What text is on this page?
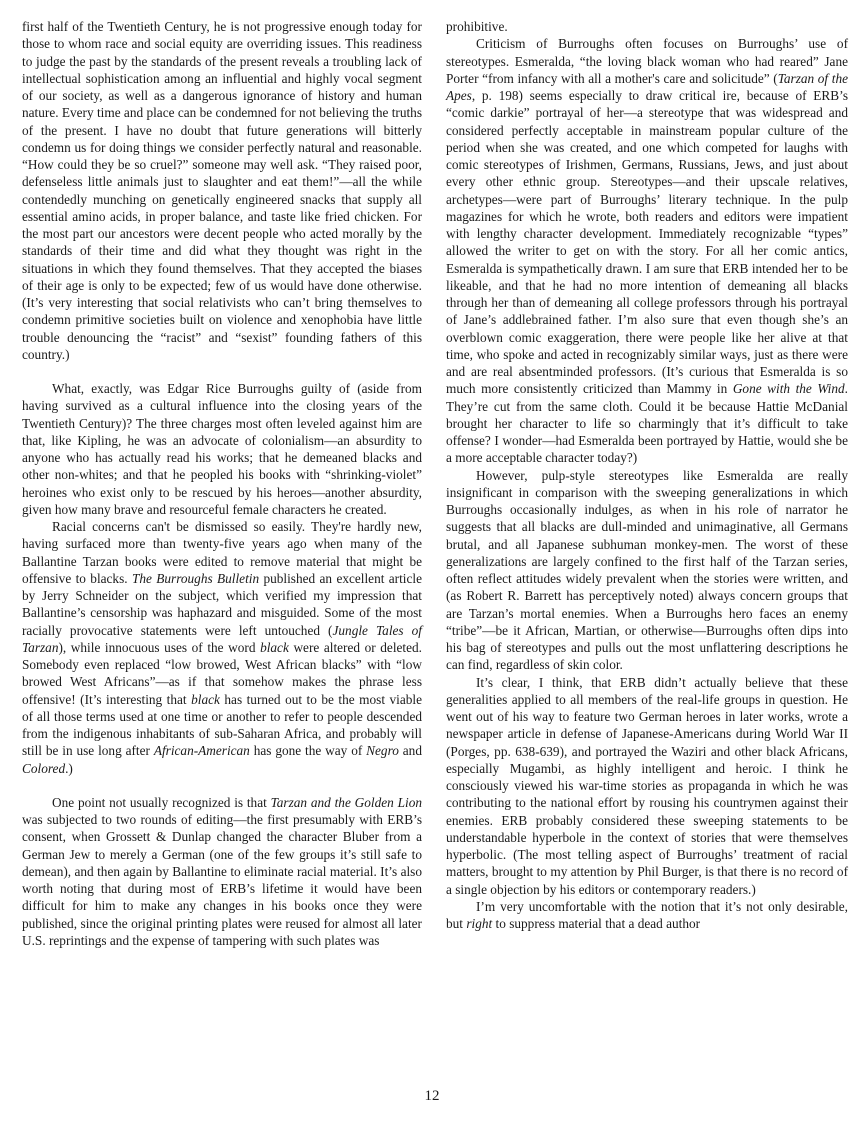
first half of the Twentieth Century, he is not progressive enough today for those to whom race and social equity are overriding issues. This readiness to judge the past by the standards of the present reveals a troubling lack of intellectual sophistication among an influential and highly vocal segment of our society, as well as a dangerous ignorance of history and human nature. Every time and place can be condemned for not believing the truths of the present. I have no doubt that future generations will bitterly condemn us for doing things we consider perfectly natural and reasonable. “How could they be so cruel?” someone may well ask. “They raised poor, defenseless little animals just to slaughter and eat them!”—all the while contendedly munching on genetically engineered snacks that supply all essential amino acids, in proper balance, and taste like fried chicken. For the most part our ancestors were decent people who acted morally by the standards of their time and did what they thought was right in the situations in which they found themselves. That they accepted the biases of their age is only to be expected; few of us would have done otherwise. (It’s very interesting that social relativists who can’t bring themselves to condemn primitive societies built on violence and xenophobia have little trouble denouncing the “racist” and “sexist” founding fathers of this country.)

What, exactly, was Edgar Rice Burroughs guilty of (aside from having survived as a cultural influence into the closing years of the Twentieth Century)? The three charges most often leveled against him are that, like Kipling, he was an advocate of colonialism—an absurdity to anyone who has actually read his works; that he demeaned blacks and other non-whites; and that he peopled his books with “shrinking-violet” heroines who exist only to be rescued by his heroes—another absurdity, given how many brave and resourceful female characters he created.

Racial concerns can't be dismissed so easily. They're hardly new, having surfaced more than twenty-five years ago when many of the Ballantine Tarzan books were edited to remove material that might be offensive to blacks. The Burroughs Bulletin published an excellent article by Jerry Schneider on the subject, which verified my impression that Ballantine’s censorship was haphazard and misguided. Some of the most racially provocative statements were left untouched (Jungle Tales of Tarzan), while innocuous uses of the word black were altered or deleted. Somebody even replaced “low browed, West African blacks” with “low browed West Africans”—as if that somehow makes the phrase less offensive! (It’s interesting that black has turned out to be the most viable of all those terms used at one time or another to refer to people descended from the indigenous inhabitants of sub-Saharan Africa, and probably will still be in use long after African-American has gone the way of Negro and Colored.)

One point not usually recognized is that Tarzan and the Golden Lion was subjected to two rounds of editing—the first presumably with ERB’s consent, when Grossett & Dunlap changed the character Bluber from a German Jew to merely a German (one of the few groups it’s still safe to demean), and then again by Ballantine to eliminate racial material. It’s also worth noting that during most of ERB’s lifetime it would have been difficult for him to make any changes in his books once they were published, since the original printing plates were reused for almost all later U.S. reprintings and the expense of tampering with such plates was

prohibitive.

Criticism of Burroughs often focuses on Burroughs’ use of stereotypes. Esmeralda, “the loving black woman who had reared” Jane Porter “from infancy with all a mother's care and solicitude” (Tarzan of the Apes, p. 198) seems especially to draw critical ire, because of ERB’s “comic darkie” portrayal of her—a stereotype that was widespread and considered perfectly acceptable in mainstream popular culture of the period when she was created, and one which competed for laughs with comic stereotypes of Irishmen, Germans, Russians, Jews, and just about every other ethnic group. Stereotypes—and their upscale relatives, archetypes—were part of Burroughs’ literary technique. In the pulp magazines for which he wrote, both readers and editors were impatient with lengthy character development. Immediately recognizable “types” allowed the writer to get on with the story. For all her comic antics, Esmeralda is sympathetically drawn. I am sure that ERB intended her to be likeable, and that he had no more intention of demeaning all blacks through her than of demeaning all college professors through his portrayal of Jane’s addlebrained father. I’m also sure that even though she’s an overblown comic exaggeration, there were people like her alive at that time, who spoke and acted in recognizably similar ways, just as there were and are real absentminded professors. (It’s curious that Esmeralda is so much more consistently criticized than Mammy in Gone with the Wind. They’re cut from the same cloth. Could it be because Hattie McDanial brought her character to life so charmingly that it’s difficult to take offense? I wonder—had Esmeralda been portrayed by Hattie, would she be a more acceptable character today?)

However, pulp-style stereotypes like Esmeralda are really insignificant in comparison with the sweeping generalizations in which Burroughs occasionally indulges, as when in his role of narrator he suggests that all blacks are dull-minded and unimaginative, all Germans brutal, and all Japanese subhuman monkey-men. The worst of these generalizations are largely confined to the first half of the Tarzan series, often reflect attitudes widely prevalent when the stories were written, and (as Robert R. Barrett has perceptively noted) always concern groups that are Tarzan’s mortal enemies. When a Burroughs hero faces an enemy “tribe”—be it African, Martian, or otherwise—Burroughs often dips into his bag of stereotypes and pulls out the most unflattering descriptions he can find, regardless of skin color.

It’s clear, I think, that ERB didn’t actually believe that these generalities applied to all members of the real-life groups in question. He went out of his way to feature two German heroes in later works, wrote a newspaper article in defense of Japanese-Americans during World War II (Porges, pp. 638-639), and portrayed the Waziri and other black Africans, especially Mugambi, as highly intelligent and heroic. I think he consciously viewed his war-time stories as propaganda in which he was contributing to the national effort by rousing his countrymen against their enemies. ERB probably considered these sweeping statements to be understandable hyperbole in the context of stories that were themselves hyperbolic. (The most telling aspect of Burroughs’ treatment of racial matters, brought to my attention by Phil Burger, is that there is no record of a single objection by his editors or contemporary readers.)

I’m very uncomfortable with the notion that it’s not only desirable, but right to suppress material that a dead author

12
